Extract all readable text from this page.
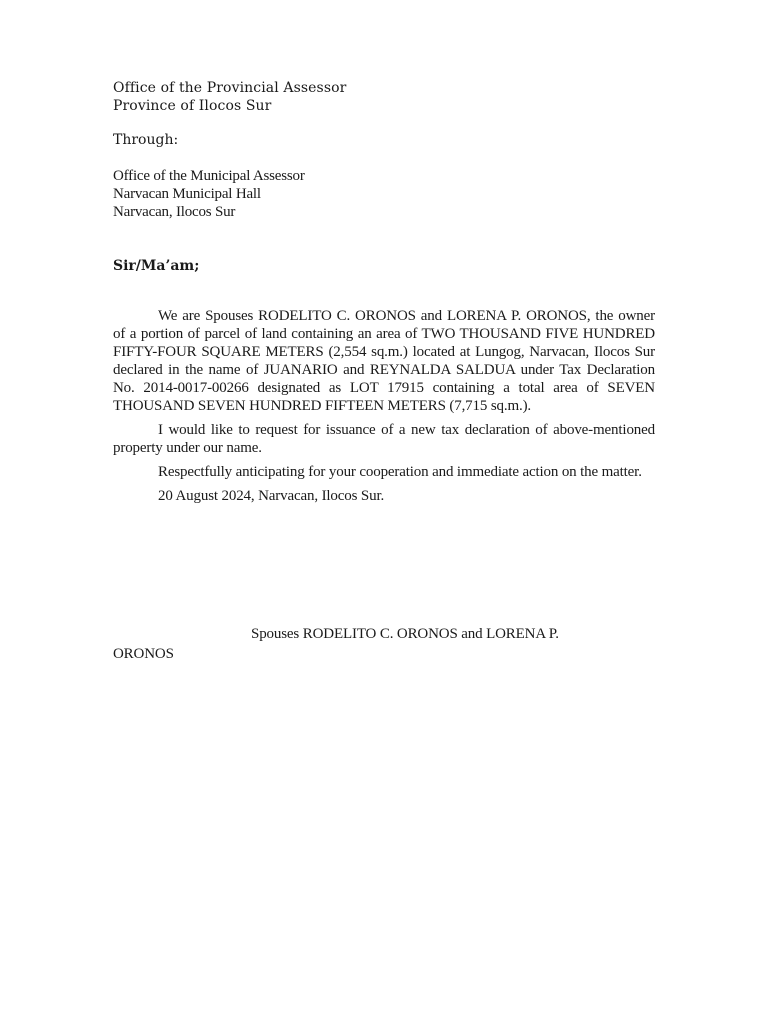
Office of the Provincial Assessor
Province of Ilocos Sur
Through:
Office of the Municipal Assessor
Narvacan Municipal Hall
Narvacan, Ilocos Sur
Sir/Ma’am;

We are Spouses RODELITO C. ORONOS and LORENA P. ORONOS, the owner of a portion of parcel of land containing an area of TWO THOUSAND FIVE HUNDRED FIFTY-FOUR SQUARE METERS (2,554 sq.m.) located at Lungog, Narvacan, Ilocos Sur declared in the name of JUANARIO and REYNALDA SALDUA under Tax Declaration No. 2014-0017-00266 designated as LOT 17915 containing a total area of SEVEN THOUSAND SEVEN HUNDRED FIFTEEN METERS (7,715 sq.m.).

I would like to request for issuance of a new tax declaration of above-mentioned property under our name.

Respectfully anticipating for your cooperation and immediate action on the matter.

20 August 2024, Narvacan, Ilocos Sur.

Spouses RODELITO C. ORONOS and LORENA P.
ORONOS
